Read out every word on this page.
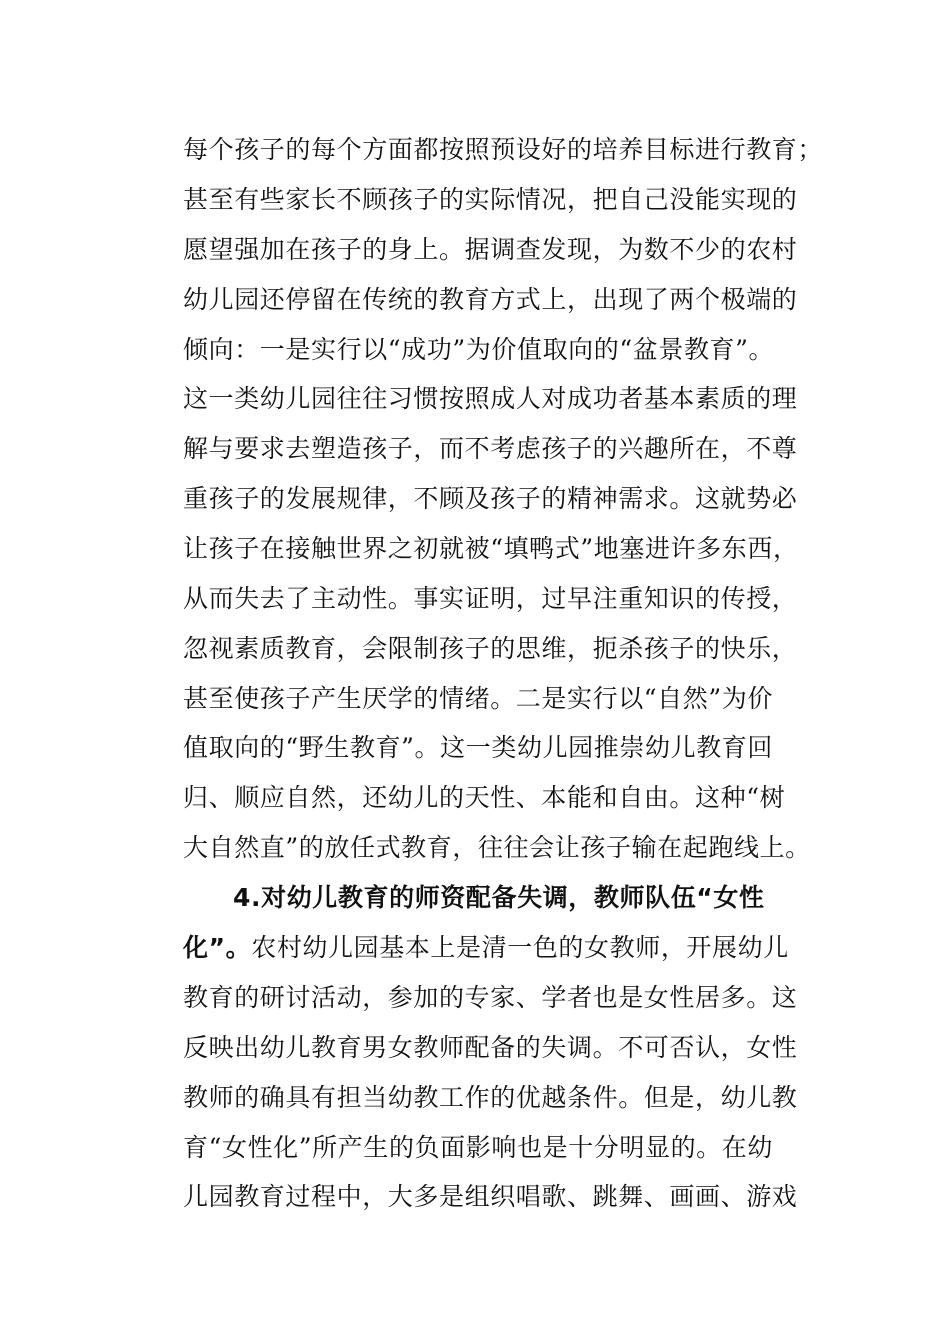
每个孩子的每个方面都按照预设好的培养目标进行教育；
甚至有些家长不顾孩子的实际情况，把自己没能实现的
愿望强加在孩子的身上。据调查发现，为数不少的农村
幼儿园还停留在传统的教育方式上，出现了两个极端的
倾向：一是实行以“成功”为价值取向的“盆景教育”。
这一类幼儿园往往习惯按照成人对成功者基本素质的理
解与要求去塑造孩子，而不考虑孩子的兴趣所在，不尊
重孩子的发展规律，不顾及孩子的精神需求。这就势必
让孩子在接触世界之初就被“填鸭式”地塞进许多东西，
从而失去了主动性。事实证明，过早注重知识的传授，
忽视素质教育，会限制孩子的思维，扼杀孩子的快乐，
甚至使孩子产生厌学的情绪。二是实行以“自然”为价
值取向的“野生教育”。这一类幼儿园推崇幼儿教育回
归、顺应自然，还幼儿的天性、本能和自由。这种“树
大自然直”的放任式教育，往往会让孩子输在起跑线上。
4.对幼儿教育的师资配备失调，教师队伍“女性
化”。农村幼儿园基本上是清一色的女教师，开展幼儿
教育的研讨活动，参加的专家、学者也是女性居多。这
反映出幼儿教育男女教师配备的失调。不可否认，女性
教师的确具有担当幼教工作的优越条件。但是，幼儿教
育“女性化”所产生的负面影响也是十分明显的。在幼
儿园教育过程中，大多是组织唱歌、跳舞、画画、游戏
